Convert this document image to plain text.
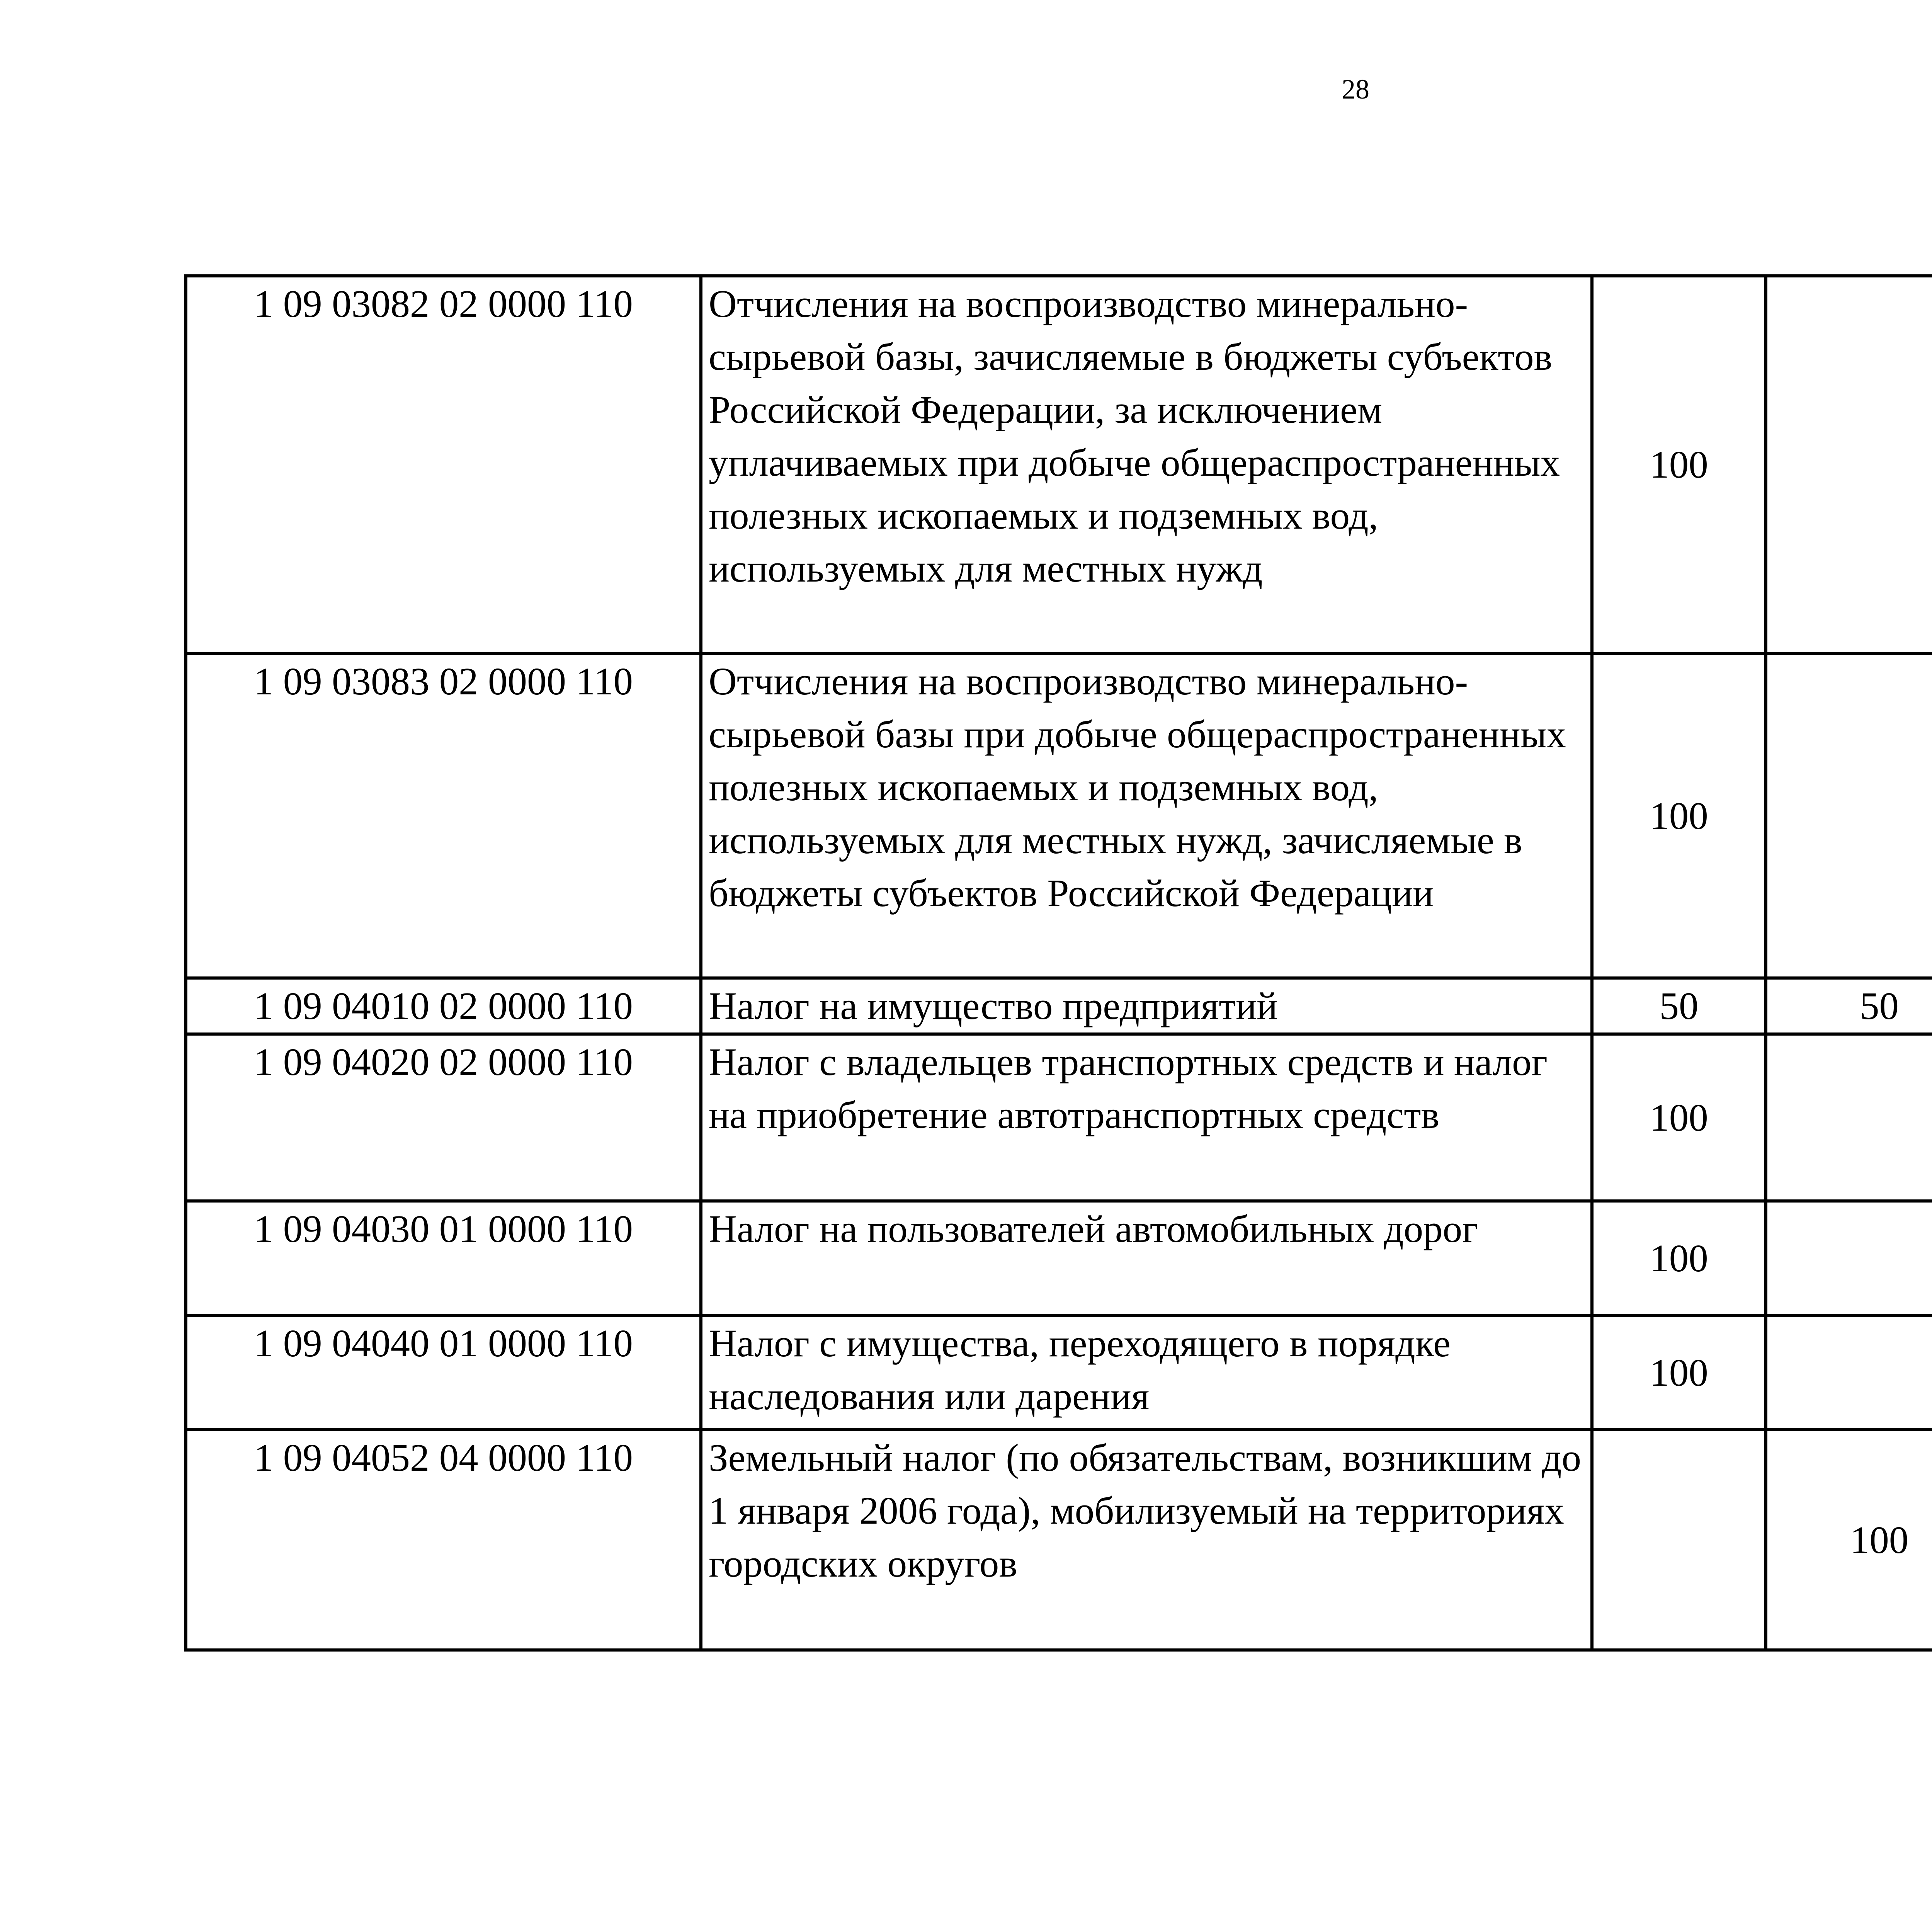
28
1 09 03082 02 0000 110	Отчисления на воспроизводство минерально-сырьевой базы, зачисляемые в бюджеты субъектов Российской Федерации, за исключением уплачиваемых при добыче общераспространенных полезных ископаемых и подземных вод, используемых для местных нужд	100				
1 09 03083 02 0000 110	Отчисления на воспроизводство минерально-сырьевой базы при добыче общераспространенных полезных ископаемых и подземных вод, используемых для местных нужд, зачисляемые в бюджеты субъектов Российской Федерации	100				
1 09 04010 02 0000 110	Налог на имущество предприятий	50	50			
1 09 04020 02 0000 110	Налог с владельцев транспортных средств и налог на приобретение автотранспортных средств	100				
1 09 04030 01 0000 110	Налог на пользователей автомобильных дорог	100				
1 09 04040 01 0000 110	Налог с имущества, переходящего в порядке наследования или дарения	100				
1 09 04052 04 0000 110	Земельный налог (по обязательствам, возникшим до 1 января 2006 года), мобилизуемый на территориях городских округов		100			
